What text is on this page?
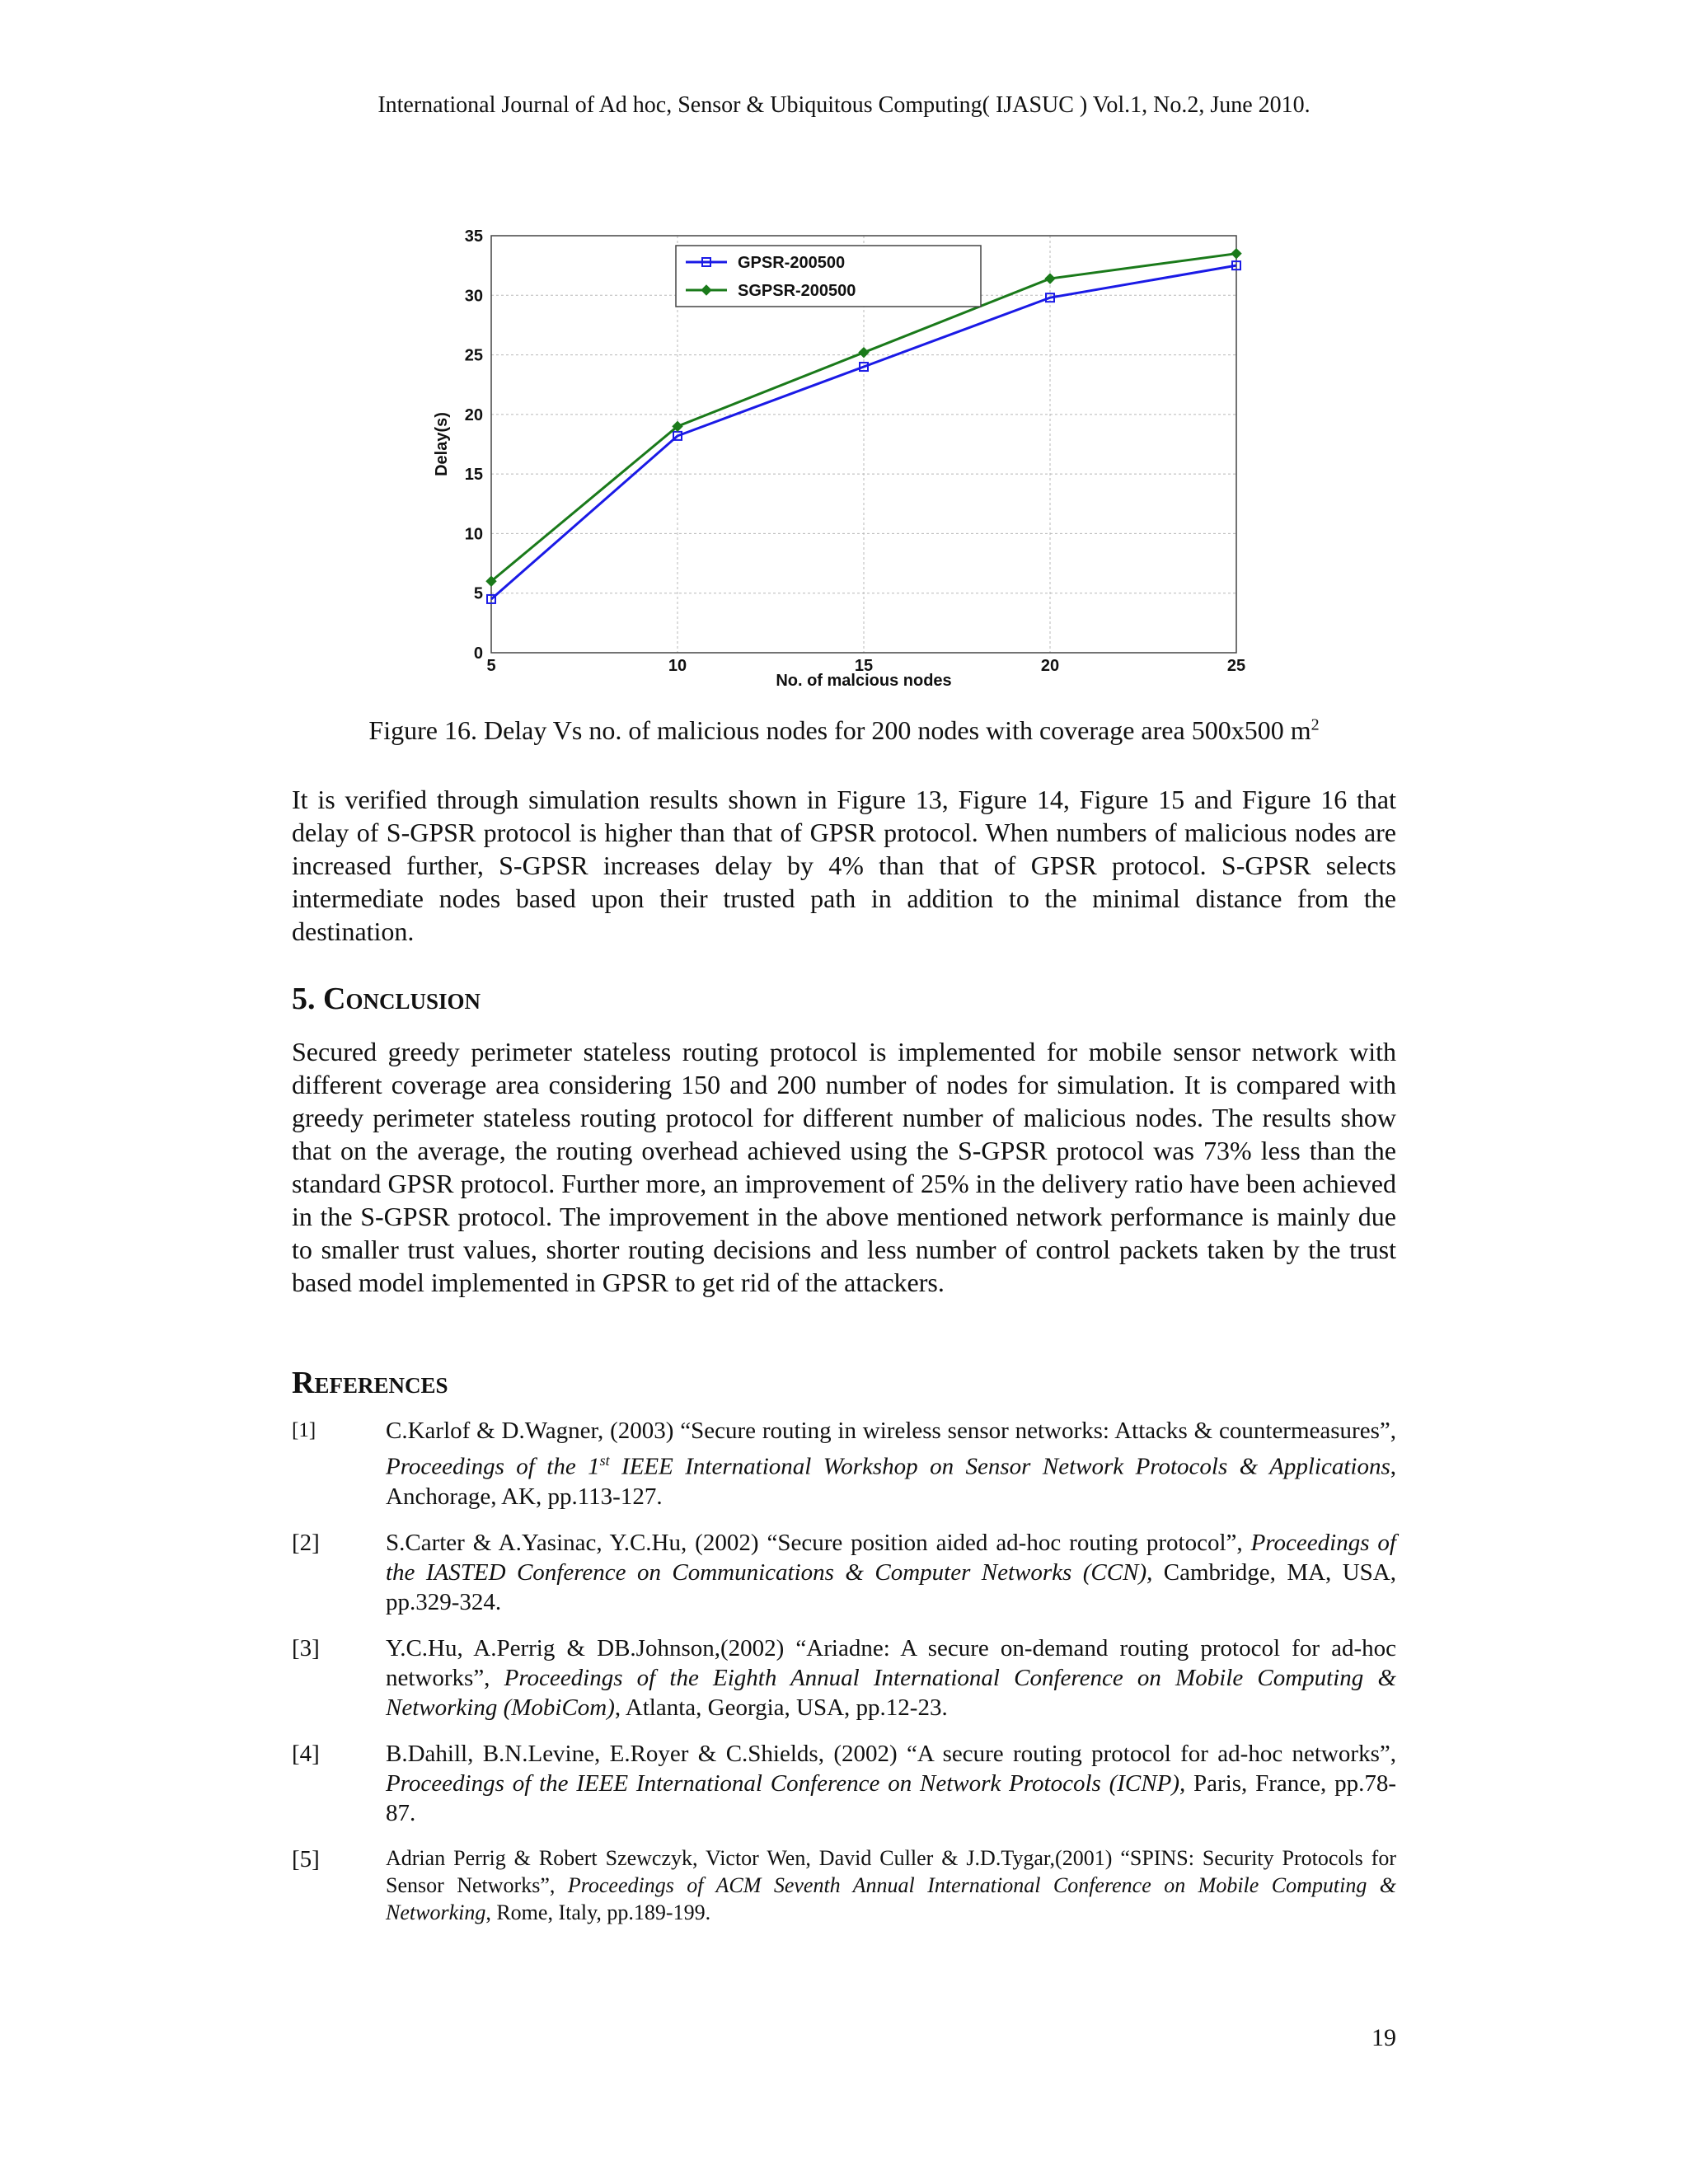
International Journal of Ad hoc, Sensor & Ubiquitous Computing( IJASUC ) Vol.1, No.2, June 2010.
5	10	15	20	25
0
5
10
15
20
25
30
35
GPSR-200500
SGPSR-200500
No. of malcious nodes
Delay(s)
Figure 16. Delay Vs no. of malicious nodes for 200 nodes with coverage area 500x500 $m^2$
It is verified through simulation results shown in Figure 13, Figure 14, Figure 15 and Figure 16 that delay of S-GPSR protocol is higher than that of GPSR protocol. When numbers of malicious nodes are increased further, S-GPSR increases delay by 4% than that of GPSR protocol. S-GPSR selects intermediate nodes based upon their trusted path in addition to the minimal distance from the destination.
5. Conclusion
Secured greedy perimeter stateless routing protocol is implemented for mobile sensor network with different coverage area considering 150 and 200 number of nodes for simulation. It is compared with greedy perimeter stateless routing protocol for different number of malicious nodes. The results show that on the average, the routing overhead achieved using the S-GPSR protocol was 73% less than the standard GPSR protocol. Further more, an improvement of 25% in the delivery ratio have been achieved in the S-GPSR protocol. The improvement in the above mentioned network performance is mainly due to smaller trust values, shorter routing decisions and less number of control packets taken by the trust based model implemented in GPSR to get rid of the attackers.
References
[1]	C.Karlof & D.Wagner, (2003) “Secure routing in wireless sensor networks: Attacks & countermeasures”, Proceedings of the 1st IEEE International Workshop on Sensor Network Protocols & Applications, Anchorage, AK, pp.113-127.
[2]	S.Carter & A.Yasinac, Y.C.Hu, (2002) “Secure position aided ad-hoc routing protocol”, Proceedings of the IASTED Conference on Communications & Computer Networks (CCN), Cambridge, MA, USA, pp.329-324.
[3]	Y.C.Hu, A.Perrig & DB.Johnson,(2002) “Ariadne: A secure on-demand routing protocol for ad-hoc networks”, Proceedings of the Eighth Annual International Conference on Mobile Computing & Networking (MobiCom), Atlanta, Georgia, USA, pp.12-23.
[4]	B.Dahill, B.N.Levine, E.Royer & C.Shields, (2002) “A secure routing protocol for ad-hoc networks”, Proceedings of the IEEE International Conference on Network Protocols (ICNP), Paris, France, pp.78-87.
[5]	Adrian Perrig & Robert Szewczyk, Victor Wen, David Culler & J.D.Tygar,(2001) “SPINS: Security Protocols for Sensor Networks”, Proceedings of ACM Seventh Annual International Conference on Mobile Computing & Networking, Rome, Italy, pp.189-199.
19
